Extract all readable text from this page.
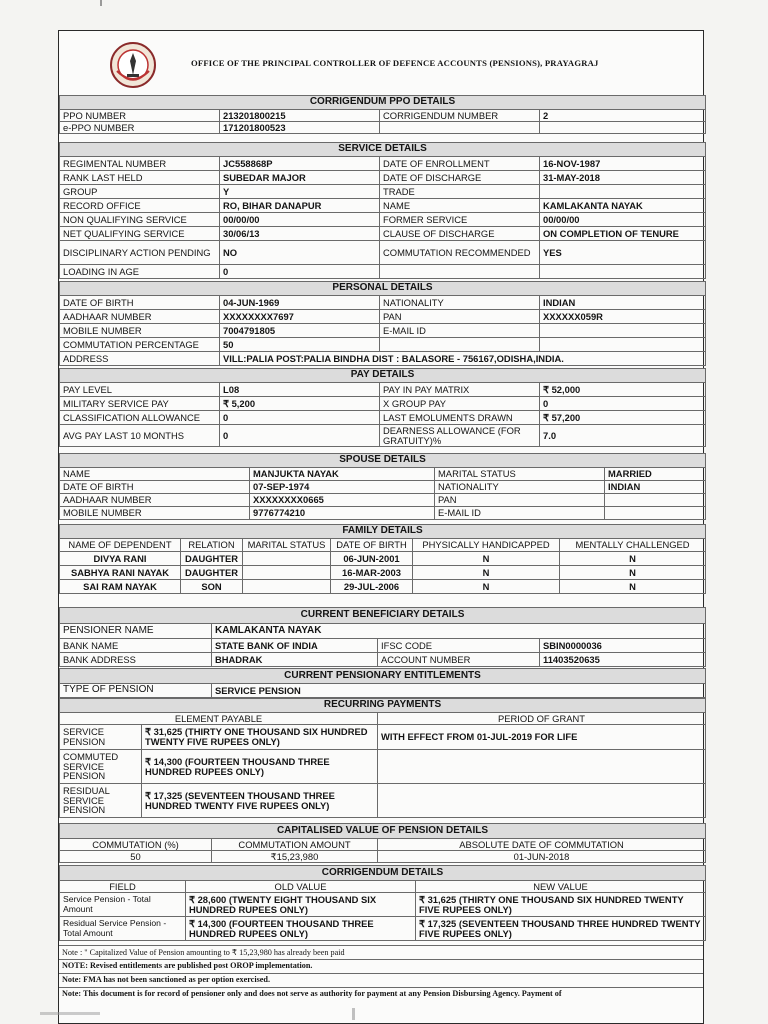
OFFICE OF THE PRINCIPAL CONTROLLER OF DEFENCE ACCOUNTS (PENSIONS), PRAYAGRAJ
CORRIGENDUM PPO DETAILS			
PPO NUMBER	213201800215	CORRIGENDUM NUMBER	2
e-PPO NUMBER	171201800523		
SERVICE DETAILS			
REGIMENTAL NUMBER	JC558868P	DATE OF ENROLLMENT	16-NOV-1987
RANK LAST HELD	SUBEDAR MAJOR	DATE OF DISCHARGE	31-MAY-2018
GROUP	Y	TRADE	
RECORD OFFICE	RO, BIHAR DANAPUR	NAME	KAMLAKANTA NAYAK
NON QUALIFYING SERVICE	00/00/00	FORMER SERVICE	00/00/00
NET QUALIFYING SERVICE	30/06/13	CLAUSE OF DISCHARGE	ON COMPLETION OF TENURE
DISCIPLINARY ACTION PENDING	NO	COMMUTATION RECOMMENDED	YES
LOADING IN AGE	0		
PERSONAL DETAILS			
DATE OF BIRTH	04-JUN-1969	NATIONALITY	INDIAN
AADHAAR NUMBER	XXXXXXXX7697	PAN	XXXXXX059R
MOBILE NUMBER	7004791805	E-MAIL ID	
COMMUTATION PERCENTAGE	50		
ADDRESS	VILL:PALIA POST:PALIA BINDHA DIST : BALASORE - 756167,ODISHA,INDIA.		
PAY DETAILS			
PAY LEVEL	L08	PAY IN PAY MATRIX	₹ 52,000
MILITARY SERVICE PAY	₹ 5,200	X GROUP PAY	0
CLASSIFICATION ALLOWANCE	0	LAST EMOLUMENTS DRAWN	₹ 57,200
AVG PAY LAST 10 MONTHS	0	DEARNESS ALLOWANCE (FOR GRATUITY)%	7.0
SPOUSE DETAILS			
NAME	MANJUKTA NAYAK	MARITAL STATUS	MARRIED
DATE OF BIRTH	07-SEP-1974	NATIONALITY	INDIAN
AADHAAR NUMBER	XXXXXXXX0665	PAN	
MOBILE NUMBER	9776774210	E-MAIL ID	
FAMILY DETAILS					
NAME OF DEPENDENT	RELATION	MARITAL STATUS	DATE OF BIRTH	PHYSICALLY HANDICAPPED	MENTALLY CHALLENGED
DIVYA RANI	DAUGHTER		06-JUN-2001	N	N
SABHYA RANI NAYAK	DAUGHTER		16-MAR-2003	N	N
SAI RAM NAYAK	SON		29-JUL-2006	N	N
CURRENT BENEFICIARY DETAILS			
PENSIONER NAME	KAMLAKANTA NAYAK		
BANK NAME	STATE BANK OF INDIA	IFSC CODE	SBIN0000036
BANK ADDRESS	BHADRAK	ACCOUNT NUMBER	11403520635
CURRENT PENSIONARY ENTITLEMENTS
TYPE OF PENSION	SERVICE PENSION
RECURRING PAYMENTS		
ELEMENT PAYABLE		PERIOD OF GRANT
SERVICE PENSION	₹ 31,625 (THIRTY ONE THOUSAND SIX HUNDRED TWENTY FIVE RUPEES ONLY)	WITH EFFECT FROM 01-JUL-2019 FOR LIFE
COMMUTED SERVICE PENSION	₹ 14,300 (FOURTEEN THOUSAND THREE HUNDRED RUPEES ONLY)	
RESIDUAL SERVICE PENSION	₹ 17,325 (SEVENTEEN THOUSAND THREE HUNDRED TWENTY FIVE RUPEES ONLY)	
CAPITALISED VALUE OF PENSION DETAILS		
COMMUTATION (%)	COMMUTATION AMOUNT	ABSOLUTE DATE OF COMMUTATION
50	₹15,23,980	01-JUN-2018
CORRIGENDUM DETAILS		
FIELD	OLD VALUE	NEW VALUE
Service Pension - Total Amount	₹ 28,600 (TWENTY EIGHT THOUSAND SIX HUNDRED RUPEES ONLY)	₹ 31,625 (THIRTY ONE THOUSAND SIX HUNDRED TWENTY FIVE RUPEES ONLY)
Residual Service Pension - Total Amount	₹ 14,300 (FOURTEEN THOUSAND THREE HUNDRED RUPEES ONLY)	₹ 17,325 (SEVENTEEN THOUSAND THREE HUNDRED TWENTY FIVE RUPEES ONLY)
Note : " Capitalized Value of Pension amounting to ₹ 15,23,980 has already been paid
NOTE: Revised entitlements are published post OROP implementation.
Note: FMA has not been sanctioned as per option exercised.
Note: This document is for record of pensioner only and does not serve as authority for payment at any Pension Disbursing Agency. Payment of
